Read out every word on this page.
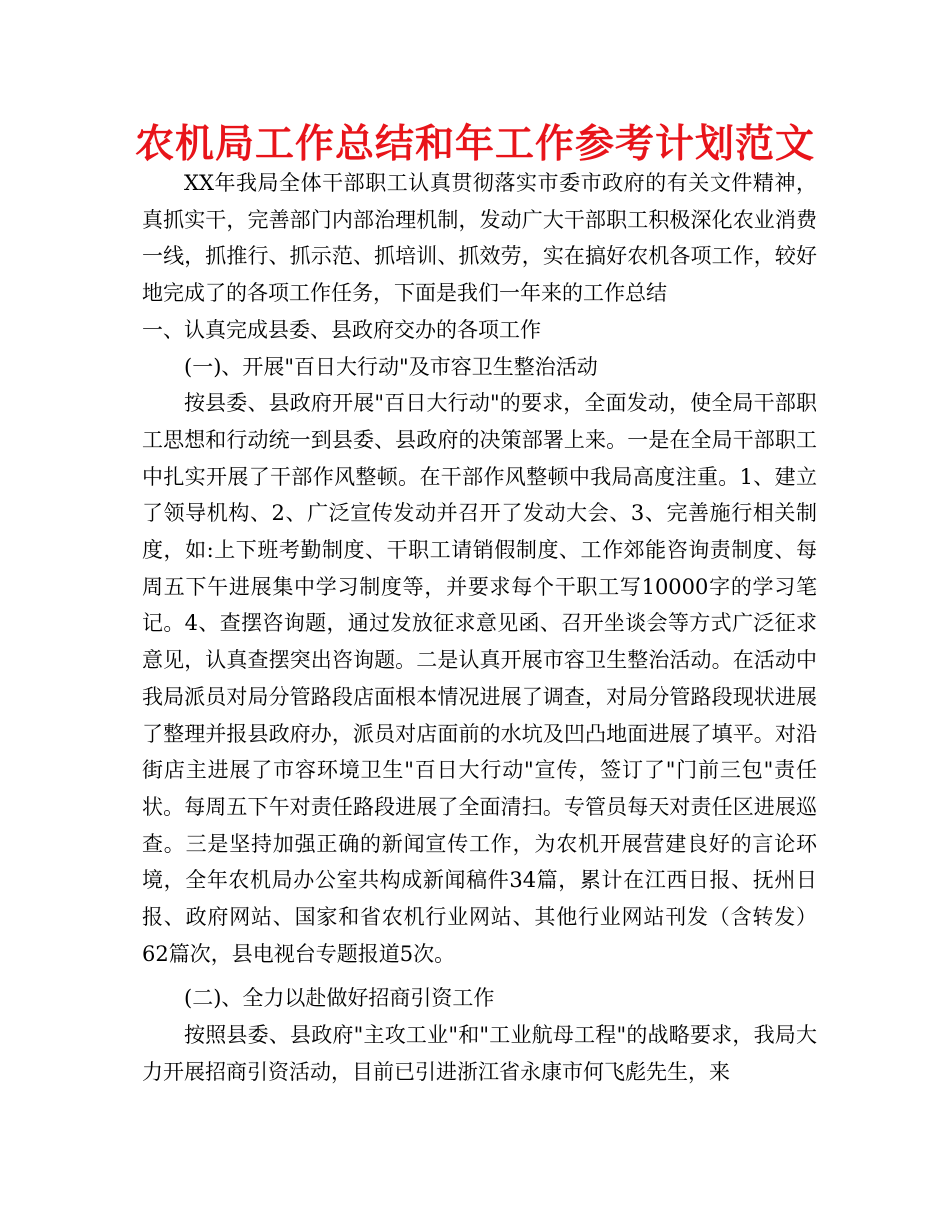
农机局工作总结和年工作参考计划范文

XX年我局全体干部职工认真贯彻落实市委市政府的有关文件精神，真抓实干，完善部门内部治理机制，发动广大干部职工积极深化农业消费一线，抓推行、抓示范、抓培训、抓效劳，实在搞好农机各项工作，较好地完成了的各项工作任务，下面是我们一年来的工作总结

一、认真完成县委、县政府交办的各项工作

(一)、开展"百日大行动"及市容卫生整治活动

按县委、县政府开展"百日大行动"的要求，全面发动，使全局干部职工思想和行动统一到县委、县政府的决策部署上来。一是在全局干部职工中扎实开展了干部作风整顿。在干部作风整顿中我局高度注重。1、建立了领导机构、2、广泛宣传发动并召开了发动大会、3、完善施行相关制度，如:上下班考勤制度、干职工请销假制度、工作郊能咨询责制度、每周五下午进展集中学习制度等，并要求每个干职工写10000字的学习笔记。4、查摆咨询题，通过发放征求意见函、召开坐谈会等方式广泛征求意见，认真查摆突出咨询题。二是认真开展市容卫生整治活动。在活动中我局派员对局分管路段店面根本情况进展了调查，对局分管路段现状进展了整理并报县政府办，派员对店面前的水坑及凹凸地面进展了填平。对沿街店主进展了市容环境卫生"百日大行动"宣传，签订了"门前三包"责任状。每周五下午对责任路段进展了全面清扫。专管员每天对责任区进展巡查。三是坚持加强正确的新闻宣传工作，为农机开展营建良好的言论环境，全年农机局办公室共构成新闻稿件34篇，累计在江西日报、抚州日报、政府网站、国家和省农机行业网站、其他行业网站刊发（含转发）62篇次，县电视台专题报道5次。

(二)、全力以赴做好招商引资工作

按照县委、县政府"主攻工业"和"工业航母工程"的战略要求，我局大力开展招商引资活动，目前已引进浙江省永康市何飞彪先生，来
